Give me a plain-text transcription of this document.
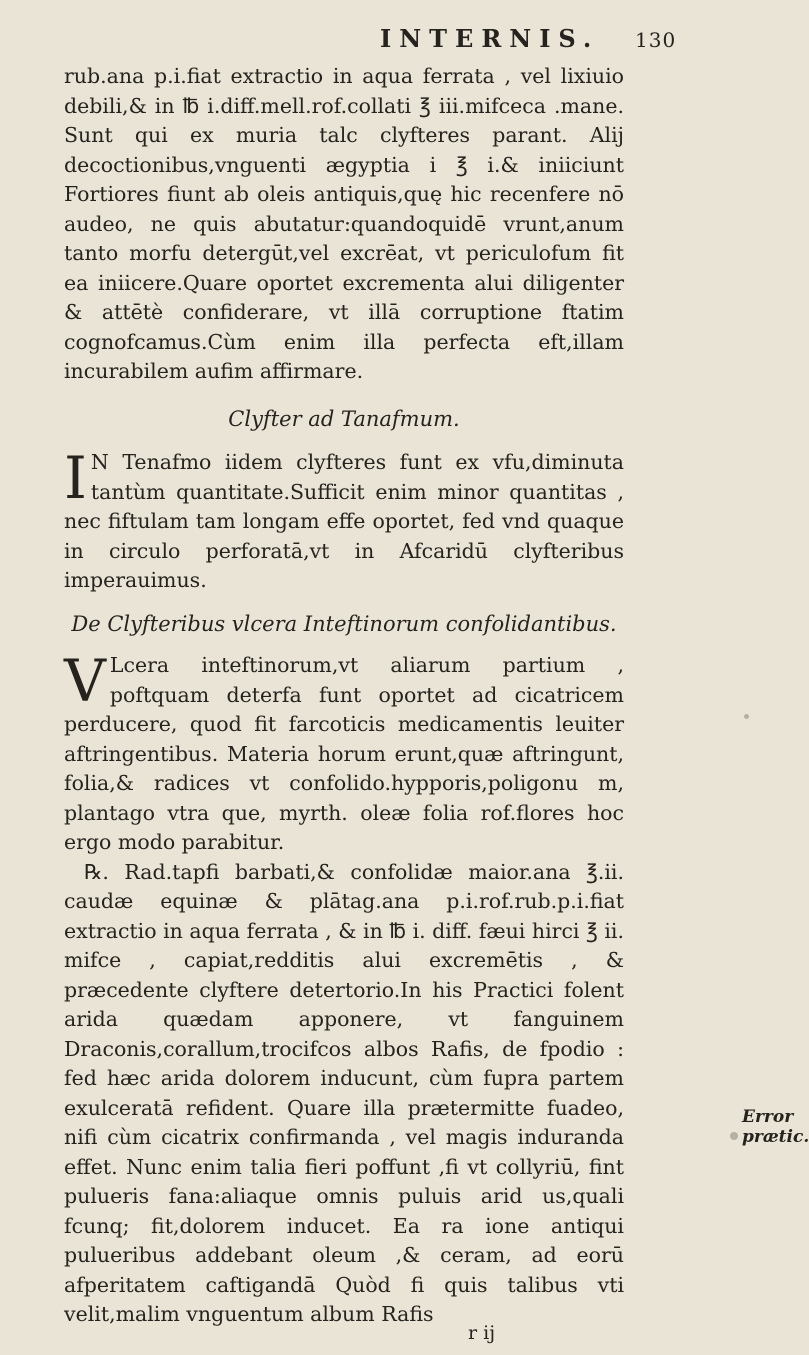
INTERNIS. 130

rub.ana p.i.fiat extractio in aqua ferrata , vel lixiuio debili,& in ℔ i.diff.mell.rof.collati ℥ iii.mifceca .mane. Sunt qui ex muria talc clyfteres parant. Alij decoctionibus,vnguenti ægyptia i ℥ i.& iniiciunt Fortiores fiunt ab oleis antiquis,quę hic recenfere nō audeo, ne quis abutatur:quandoquidē vrunt,anum tanto morfu detergūt,vel excrēat, vt periculofum fit ea iniicere.Quare oportet excrementa alui diligenter & attētè confiderare, vt illā corruptione ftatim cognofcamus.Cùm enim illa perfecta eft,illam incurabilem aufim affirmare.

Clyfter ad Tanafmum.

I N Tenafmo iidem clyfteres funt ex vfu,diminuta tantùm quantitate.Sufficit enim minor quantitas , nec fiftulam tam longam effe oportet, fed vnd quaque in circulo perforatā,vt in Afcaridū clyfteribus imperauimus.

De Clyfteribus vlcera Inteftinorum confolidantibus.

V Lcera inteftinorum,vt aliarum partium , poftquam deterfa funt oportet ad cicatricem perducere, quod fit farcoticis medicamentis leuiter aftringentibus. Materia horum erunt,quæ aftringunt, folia,& radices vt confolido.hypporis,poligonu m, plantago vtra que, myrth. oleæ folia rof.flores hoc ergo modo parabitur.

℞. Rad.tapfi barbati,& confolidæ maior.ana ℥.ii. caudæ equinæ & plātag.ana p.i.rof.rub.p.i.fiat extractio in aqua ferrata , & in ℔ i. diff. fæui hirci ℥ ii. mifce , capiat,redditis alui excremētis , & præcedente clyftere detertorio.In his Practici folent arida quædam apponere, vt fanguinem Draconis,corallum,trocifcos albos Rafis, de fpodio : fed hæc arida dolorem inducunt, cùm fupra partem exulceratā refident. Quare illa prætermitte fuadeo, nifi cùm cicatrix confirmanda , vel magis induranda effet. Nunc enim talia fieri poffunt ,fi vt collyriū, fint pulueris fana:aliaque omnis puluis arid us,quali fcunq; fit,dolorem inducet. Ea ra ione antiqui pulueribus addebant oleum ,& ceram, ad eorū afperitatem caftigandā Quòd fi quis talibus vti velit,malim vnguentum album Rafis

Error prætic.
r ij
